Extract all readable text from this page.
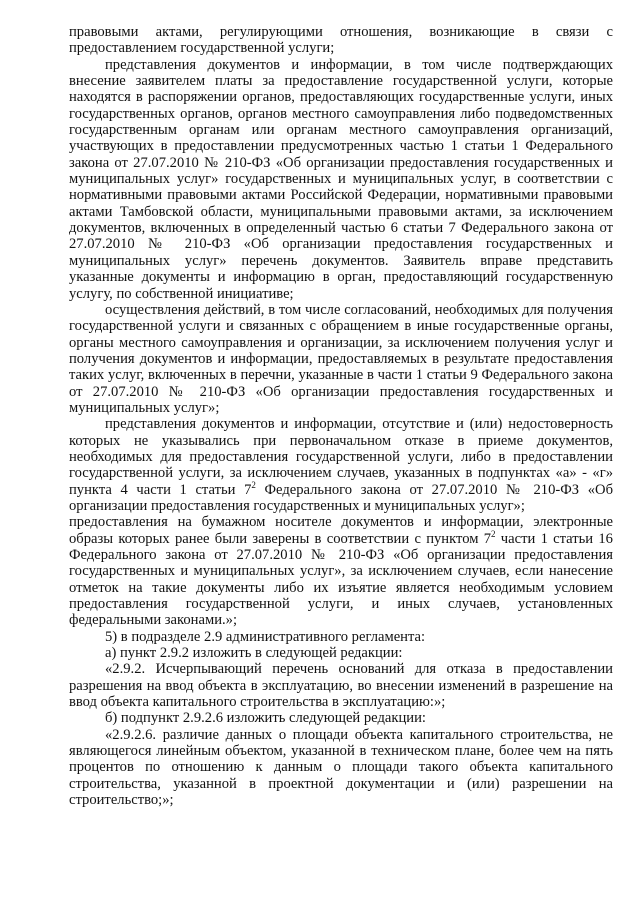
правовыми актами, регулирующими отношения, возникающие в связи с предоставлением государственной услуги;

представления документов и информации, в том числе подтверждающих внесение заявителем платы за предоставление государственной услуги, которые находятся в распоряжении органов, предоставляющих государственные услуги, иных государственных органов, органов местного самоуправления либо подведомственных государственным органам или органам местного самоуправления организаций, участвующих в предоставлении предусмотренных частью 1 статьи 1 Федерального закона от 27.07.2010 № 210-ФЗ «Об организации предоставления государственных и муниципальных услуг» государственных и муниципальных услуг, в соответствии с нормативными правовыми актами Российской Федерации, нормативными правовыми актами Тамбовской области, муниципальными правовыми актами, за исключением документов, включенных в определенный частью 6 статьи 7 Федерального закона от 27.07.2010 № 210-ФЗ «Об организации предоставления государственных и муниципальных услуг» перечень документов. Заявитель вправе представить указанные документы и информацию в орган, предоставляющий государственную услугу, по собственной инициативе;

осуществления действий, в том числе согласований, необходимых для получения государственной услуги и связанных с обращением в иные государственные органы, органы местного самоуправления и организации, за исключением получения услуг и получения документов и информации, предоставляемых в результате предоставления таких услуг, включенных в перечни, указанные в части 1 статьи 9 Федерального закона от 27.07.2010 № 210-ФЗ «Об организации предоставления государственных и муниципальных услуг»;

представления документов и информации, отсутствие и (или) недостоверность которых не указывались при первоначальном отказе в приеме документов, необходимых для предоставления государственной услуги, либо в предоставлении государственной услуги, за исключением случаев, указанных в подпунктах «а» - «г» пункта 4 части 1 статьи $7^2$ Федерального закона от 27.07.2010 № 210-ФЗ «Об организации предоставления государственных и муниципальных услуг»;

предоставления на бумажном носителе документов и информации, электронные образы которых ранее были заверены в соответствии с пунктом $7^2$ части 1 статьи 16 Федерального закона от 27.07.2010 № 210-ФЗ «Об организации предоставления государственных и муниципальных услуг», за исключением случаев, если нанесение отметок на такие документы либо их изъятие является необходимым условием предоставления государственной услуги, и иных случаев, установленных федеральными законами.»;

5) в подразделе 2.9 административного регламента:

а) пункт 2.9.2 изложить в следующей редакции:

«2.9.2. Исчерпывающий перечень оснований для отказа в предоставлении разрешения на ввод объекта в эксплуатацию, во внесении изменений в разрешение на ввод объекта капитального строительства в эксплуатацию:»;

б) подпункт 2.9.2.6 изложить следующей редакции:

«2.9.2.6. различие данных о площади объекта капитального строительства, не являющегося линейным объектом, указанной в техническом плане, более чем на пять процентов по отношению к данным о площади такого объекта капитального строительства, указанной в проектной документации и (или) разрешении на строительство;»;
